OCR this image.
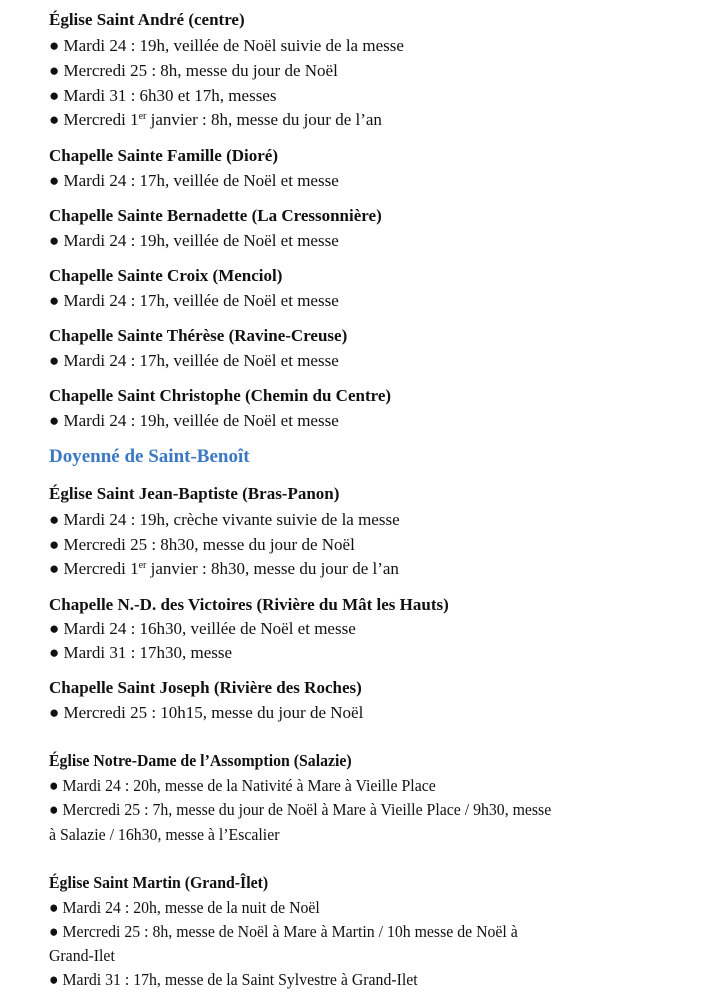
Église Saint André (centre)
● Mardi 24 : 19h, veillée de Noël suivie de la messe
● Mercredi 25 : 8h, messe du jour de Noël
● Mardi 31 : 6h30 et 17h, messes
● Mercredi 1er janvier : 8h, messe du jour de l’an
Chapelle Sainte Famille (Dioré)
● Mardi 24 : 17h, veillée de Noël et messe
Chapelle Sainte Bernadette (La Cressonnière)
● Mardi 24 : 19h, veillée de Noël et messe
Chapelle Sainte Croix (Menciol)
● Mardi 24 : 17h, veillée de Noël et messe
Chapelle Sainte Thérèse (Ravine-Creuse)
● Mardi 24 : 17h, veillée de Noël et messe
Chapelle Saint Christophe (Chemin du Centre)
● Mardi 24 : 19h, veillée de Noël et messe
Doyenné de Saint-Benoît
Église Saint Jean-Baptiste (Bras-Panon)
● Mardi 24 : 19h, crèche vivante suivie de la messe
● Mercredi 25 : 8h30, messe du jour de Noël
● Mercredi 1er janvier : 8h30, messe du jour de l’an
Chapelle N.-D. des Victoires (Rivière du Mât les Hauts)
● Mardi 24 : 16h30, veillée de Noël et messe
● Mardi 31 : 17h30, messe
Chapelle Saint Joseph (Rivière des Roches)
● Mercredi 25 : 10h15, messe du jour de Noël
Église Notre-Dame de l’Assomption (Salazie)
● Mardi 24 : 20h, messe de la Nativité à Mare à Vieille Place
● Mercredi 25 : 7h, messe du jour de Noël à Mare à Vieille Place / 9h30, messe
à Salazie / 16h30, messe à l’Escalier
Église Saint Martin (Grand-Îlet)
● Mardi 24 : 20h, messe de la nuit de Noël
● Mercredi 25 : 8h, messe de Noël à Mare à Martin / 10h messe de Noël à
Grand-Ilet
● Mardi 31 : 17h, messe de la Saint Sylvestre à Grand-Ilet
